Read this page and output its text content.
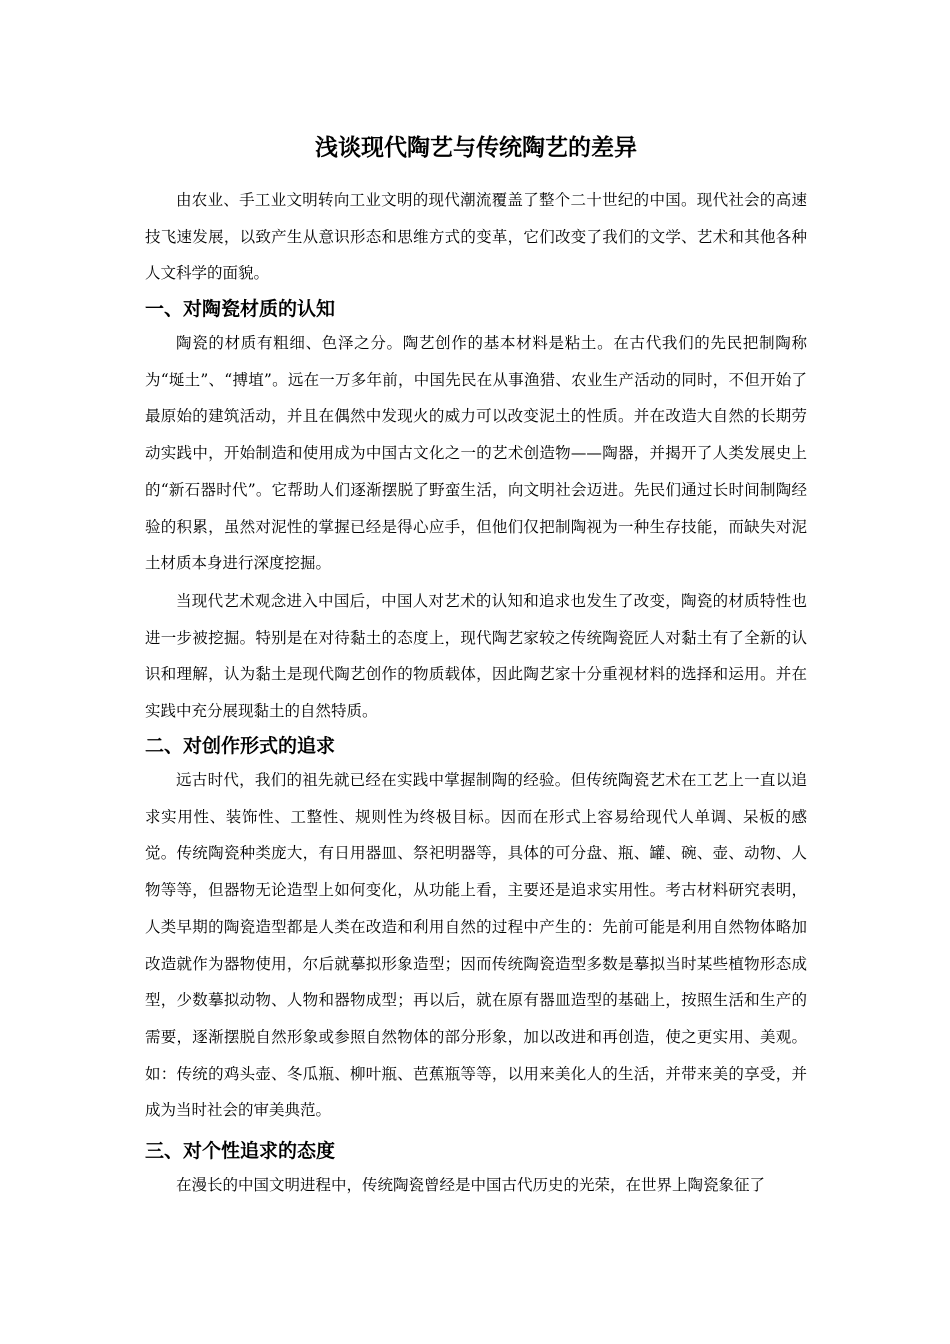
浅谈现代陶艺与传统陶艺的差异

由农业、手工业文明转向工业文明的现代潮流覆盖了整个二十世纪的中国。现代社会的高速技飞速发展，以致产生从意识形态和思维方式的变革，它们改变了我们的文学、艺术和其他各种人文科学的面貌。

一、对陶瓷材质的认知

陶瓷的材质有粗细、色泽之分。陶艺创作的基本材料是粘土。在古代我们的先民把制陶称为“埏土”、“搏埴”。远在一万多年前，中国先民在从事渔猎、农业生产活动的同时，不但开始了最原始的建筑活动，并且在偶然中发现火的威力可以改变泥土的性质。并在改造大自然的长期劳动实践中，开始制造和使用成为中国古文化之一的艺术创造物——陶器，并揭开了人类发展史上的“新石器时代”。它帮助人们逐渐摆脱了野蛮生活，向文明社会迈进。先民们通过长时间制陶经验的积累，虽然对泥性的掌握已经是得心应手，但他们仅把制陶视为一种生存技能，而缺失对泥土材质本身进行深度挖掘。

当现代艺术观念进入中国后，中国人对艺术的认知和追求也发生了改变，陶瓷的材质特性也进一步被挖掘。特别是在对待黏土的态度上，现代陶艺家较之传统陶瓷匠人对黏土有了全新的认识和理解，认为黏土是现代陶艺创作的物质载体，因此陶艺家十分重视材料的选择和运用。并在实践中充分展现黏土的自然特质。

二、对创作形式的追求

远古时代，我们的祖先就已经在实践中掌握制陶的经验。但传统陶瓷艺术在工艺上一直以追求实用性、装饰性、工整性、规则性为终极目标。因而在形式上容易给现代人单调、呆板的感觉。传统陶瓷种类庞大，有日用器皿、祭祀明器等，具体的可分盘、瓶、罐、碗、壶、动物、人物等等，但器物无论造型上如何变化，从功能上看，主要还是追求实用性。考古材料研究表明，人类早期的陶瓷造型都是人类在改造和利用自然的过程中产生的：先前可能是利用自然物体略加改造就作为器物使用，尔后就摹拟形象造型；因而传统陶瓷造型多数是摹拟当时某些植物形态成型，少数摹拟动物、人物和器物成型；再以后，就在原有器皿造型的基础上，按照生活和生产的需要，逐渐摆脱自然形象或参照自然物体的部分形象，加以改进和再创造，使之更实用、美观。如：传统的鸡头壶、冬瓜瓶、柳叶瓶、芭蕉瓶等等，以用来美化人的生活，并带来美的享受，并成为当时社会的审美典范。

三、对个性追求的态度

在漫长的中国文明进程中，传统陶瓷曾经是中国古代历史的光荣，在世界上陶瓷象征了
